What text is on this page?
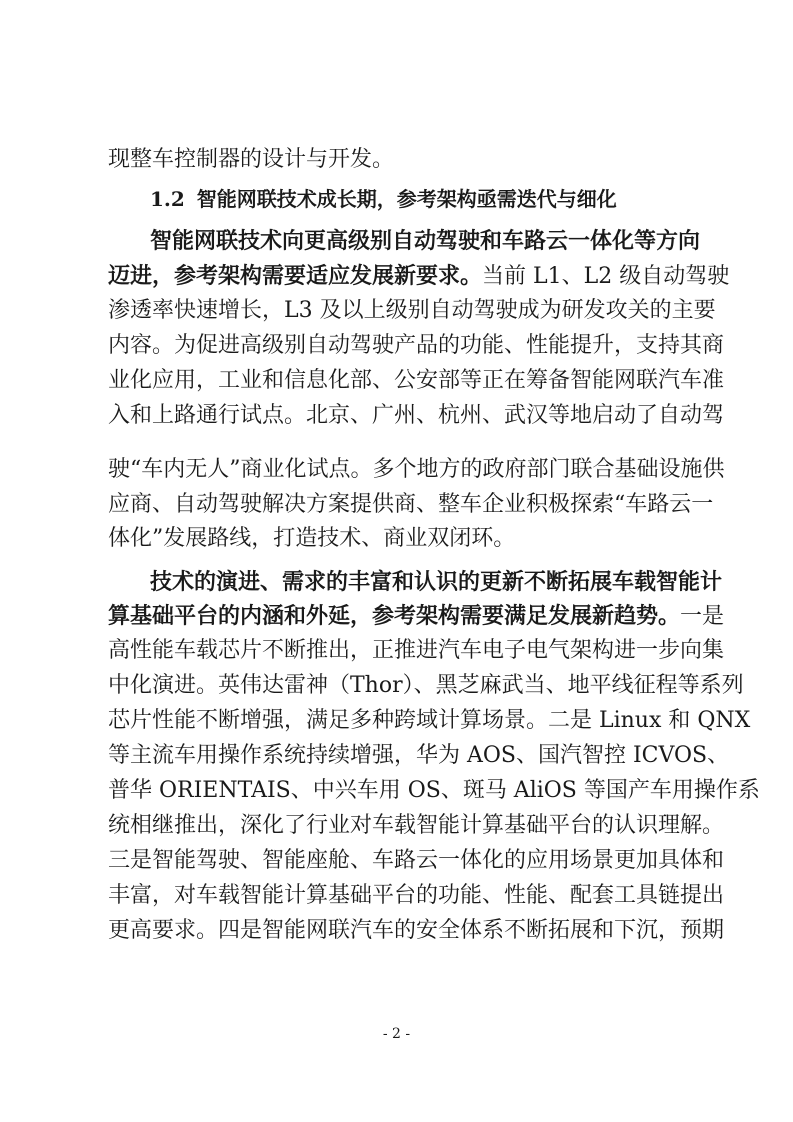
现整车控制器的设计与开发。
1.2 智能网联技术成长期，参考架构亟需迭代与细化
智能网联技术向更高级别自动驾驶和车路云一体化等方向
迈进，参考架构需要适应发展新要求。当前 L1、L2 级自动驾驶
渗透率快速增长，L3 及以上级别自动驾驶成为研发攻关的主要
内容。为促进高级别自动驾驶产品的功能、性能提升，支持其商
业化应用，工业和信息化部、公安部等正在筹备智能网联汽车准
入和上路通行试点。北京、广州、杭州、武汉等地启动了自动驾
驶“车内无人”商业化试点。多个地方的政府部门联合基础设施供
应商、自动驾驶解决方案提供商、整车企业积极探索“车路云一
体化”发展路线，打造技术、商业双闭环。
技术的演进、需求的丰富和认识的更新不断拓展车载智能计
算基础平台的内涵和外延，参考架构需要满足发展新趋势。一是
高性能车载芯片不断推出，正推进汽车电子电气架构进一步向集
中化演进。英伟达雷神（Thor）、黑芝麻武当、地平线征程等系列
芯片性能不断增强，满足多种跨域计算场景。二是 Linux 和 QNX
等主流车用操作系统持续增强，华为 AOS、国汽智控 ICVOS、
普华 ORIENTAIS、中兴车用 OS、斑马 AliOS 等国产车用操作系
统相继推出，深化了行业对车载智能计算基础平台的认识理解。
三是智能驾驶、智能座舱、车路云一体化的应用场景更加具体和
丰富，对车载智能计算基础平台的功能、性能、配套工具链提出
更高要求。四是智能网联汽车的安全体系不断拓展和下沉，预期
- 2 -
